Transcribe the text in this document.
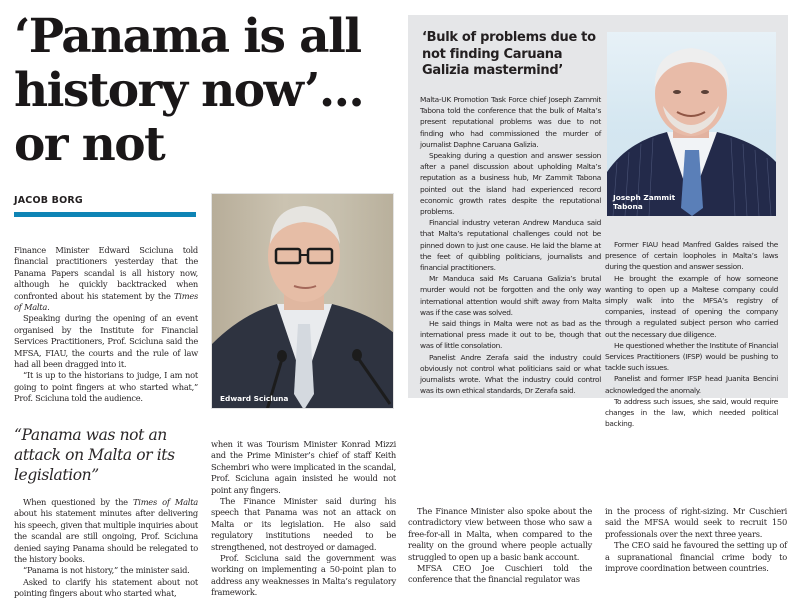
‘Panama is all history now’... or not
JACOB BORG

Finance Minister Edward Scicluna told financial practitioners yesterday that the Panama Papers scandal is all history now, although he quickly backtracked when confronted about his statement by the Times of Malta.

Speaking during the opening of an event organised by the Institute for Financial Services Practitioners, Prof. Scicluna said the MFSA, FIAU, the courts and the rule of law had all been dragged into it.

“It is up to the historians to judge, I am not going to point fingers at who started what,” Prof. Scicluna told the audience.

“Panama was not an attack on Malta or its legislation”

When questioned by the Times of Malta about his statement minutes after delivering his speech, given that multiple inquiries about the scandal are still ongoing, Prof. Scicluna denied saying Panama should be relegated to the history books.

“Panama is not history,” the minister said.

Asked to clarify his statement about not pointing fingers about who started what,

Edward Scicluna

when it was Tourism Minister Konrad Mizzi and the Prime Minister’s chief of staff Keith Schembri who were implicated in the scandal, Prof. Scicluna again insisted he would not point any fingers.

The Finance Minister said during his speech that Panama was not an attack on Malta or its legislation. He also said regulatory institutions needed to be strengthened, not destroyed or damaged.

Prof. Scicluna said the government was working on implementing a 50-point plan to address any weaknesses in Malta’s regulatory framework.

‘Bulk of problems due to not finding Caruana Galizia mastermind’

Malta-UK Promotion Task Force chief Joseph Zammit Tabona told the conference that the bulk of Malta’s present reputational problems was due to not finding who had commissioned the murder of journalist Daphne Caruana Galizia.

Speaking during a question and answer session after a panel discussion about upholding Malta’s reputation as a business hub, Mr Zammit Tabona pointed out the island had experienced record economic growth rates despite the reputational problems.

Financial industry veteran Andrew Manduca said that Malta’s reputational challenges could not be pinned down to just one cause. He laid the blame at the feet of quibbling politicians, journalists and financial practitioners.

Mr Manduca said Ms Caruana Galizia’s brutal murder would not be forgotten and the only way international attention would shift away from Malta was if the case was solved.

He said things in Malta were not as bad as the international press made it out to be, though that was of little consolation.

Panelist Andre Zerafa said the industry could obviously not control what politicians said or what journalists wrote. What the industry could control was its own ethical standards, Dr Zerafa said.

Joseph Zammit
Tabona

Former FIAU head Manfred Galdes raised the presence of certain loopholes in Malta’s laws during the question and answer session.

He brought the example of how someone wanting to open up a Maltese company could simply walk into the MFSA’s registry of companies, instead of opening the company through a regulated subject person who carried out the necessary due diligence.

He questioned whether the Institute of Financial Services Practitioners (IFSP) would be pushing to tackle such issues.

Panelist and former IFSP head Juanita Bencini acknowledged the anomaly.

To address such issues, she said, would require changes in the law, which needed political backing.

The Finance Minister also spoke about the contradictory view between those who saw a free-for-all in Malta, when compared to the reality on the ground where people actually struggled to open up a basic bank account.

MFSA CEO Joe Cuschieri told the conference that the financial regulator was

in the process of right-sizing. Mr Cuschieri said the MFSA would seek to recruit 150 professionals over the next three years.

The CEO said he favoured the setting up of a supranational financial crime body to improve coordination between countries.
